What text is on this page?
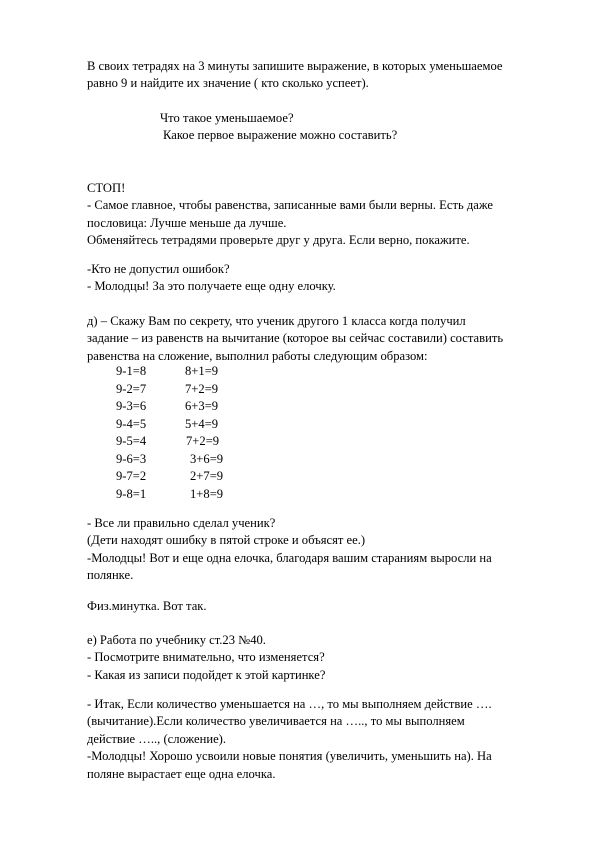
В своих тетрадях на 3 минуты запишите выражение, в которых уменьшаемое
равно 9 и найдите их значение ( кто сколько успеет).

Что такое уменьшаемое?

Какое первое выражение можно составить?

СТОП!
- Самое главное, чтобы равенства, записанные вами были верны. Есть даже
пословица: Лучше меньше да лучше.
Обменяйтесь тетрадями проверьте друг у друга. Если верно, покажите.
-Кто не допустил ошибок?
- Молодцы! За это получаете еще одну елочку.
д) – Скажу Вам по секрету, что ученик другого 1 класса когда получил
задание – из равенств на вычитание (которое вы сейчас составили) составить
равенства на сложение, выполнил работы следующим образом:
9-1=8	8+1=9
9-2=7	7+2=9
9-3=6	6+3=9
9-4=5	5+4=9
9-5=4	7+2=9
9-6=3	3+6=9
9-7=2	2+7=9
9-8=1	1+8=9
- Все ли правильно сделал ученик?
(Дети находят ошибку в пятой строке и объясят ее.)
-Молодцы! Вот и еще одна елочка, благодаря вашим стараниям выросли на
полянке.
Физ.минутка. Вот так.
е) Работа по учебнику ст.23 №40.
- Посмотрите внимательно, что изменяется?
- Какая из записи подойдет к этой картинке?
- Итак, Если количество уменьшается на …, то мы выполняем действие ….
(вычитание).Если количество увеличивается на ….., то мы выполняем
действие ….., (сложение).
-Молодцы! Хорошо усвоили новые понятия (увеличить, уменьшить на). На
поляне вырастает еще одна елочка.
